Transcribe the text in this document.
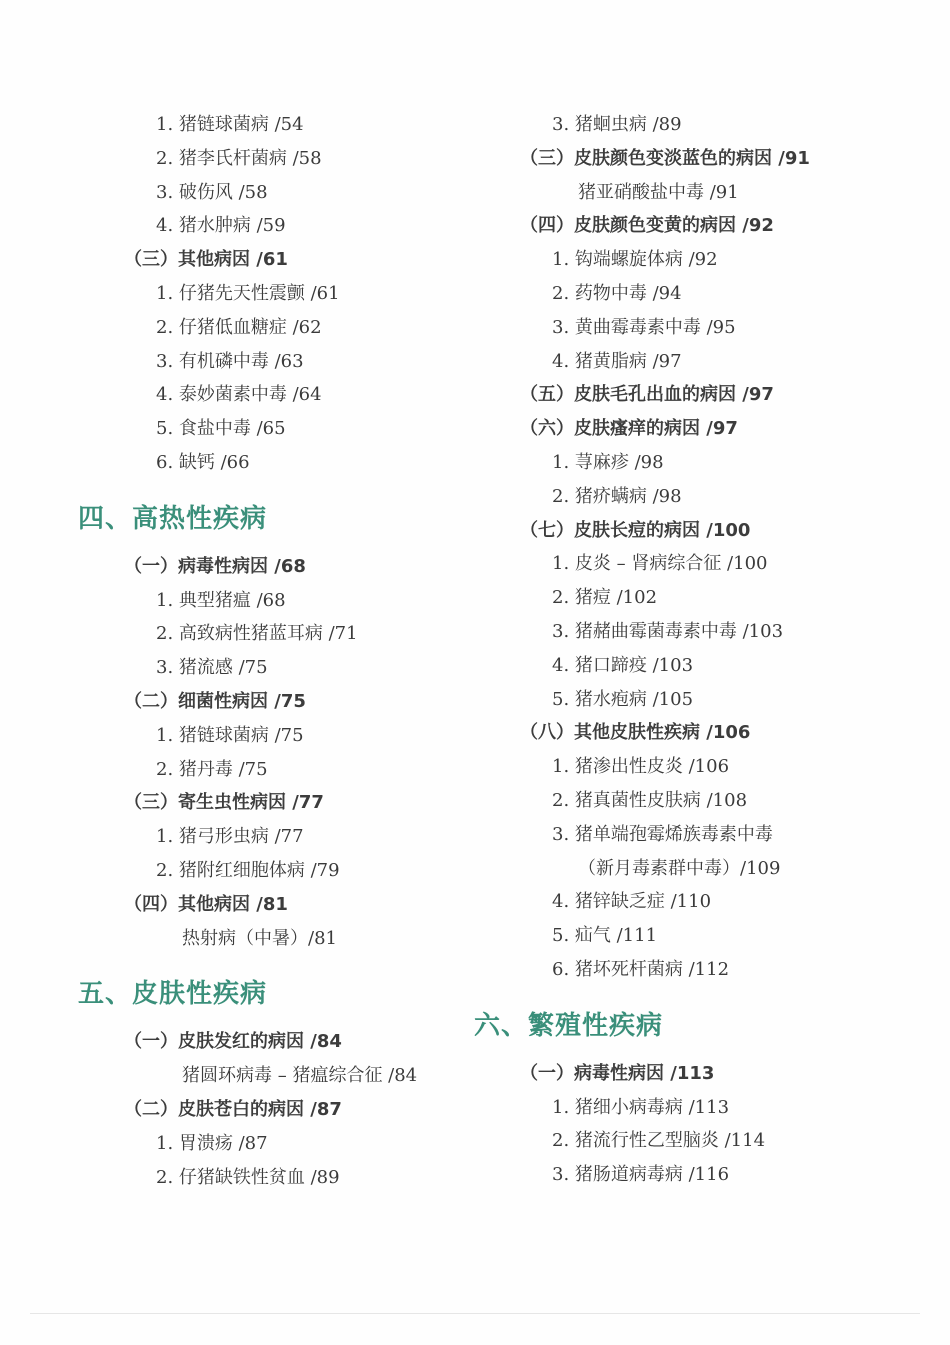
1. 猪链球菌病 /54
2. 猪李氏杆菌病 /58
3. 破伤风 /58
4. 猪水肿病 /59
（三）其他病因 /61
1. 仔猪先天性震颤 /61
2. 仔猪低血糖症 /62
3. 有机磷中毒 /63
4. 泰妙菌素中毒 /64
5. 食盐中毒 /65
6. 缺钙 /66
四、高热性疾病
（一）病毒性病因 /68
1. 典型猪瘟 /68
2. 高致病性猪蓝耳病 /71
3. 猪流感 /75
（二）细菌性病因 /75
1. 猪链球菌病 /75
2. 猪丹毒 /75
（三）寄生虫性病因 /77
1. 猪弓形虫病 /77
2. 猪附红细胞体病 /79
（四）其他病因 /81
热射病（中暑）/81
五、皮肤性疾病
（一）皮肤发红的病因 /84
猪圆环病毒 – 猪瘟综合征 /84
（二）皮肤苍白的病因 /87
1. 胃溃疡 /87
2. 仔猪缺铁性贫血 /89
3. 猪蛔虫病 /89
（三）皮肤颜色变淡蓝色的病因 /91
猪亚硝酸盐中毒 /91
（四）皮肤颜色变黄的病因 /92
1. 钩端螺旋体病 /92
2. 药物中毒 /94
3. 黄曲霉毒素中毒 /95
4. 猪黄脂病 /97
（五）皮肤毛孔出血的病因 /97
（六）皮肤瘙痒的病因 /97
1. 荨麻疹 /98
2. 猪疥螨病 /98
（七）皮肤长痘的病因 /100
1. 皮炎 – 肾病综合征 /100
2. 猪痘 /102
3. 猪赭曲霉菌毒素中毒 /103
4. 猪口蹄疫 /103
5. 猪水疱病 /105
（八）其他皮肤性疾病 /106
1. 猪渗出性皮炎 /106
2. 猪真菌性皮肤病 /108
3. 猪单端孢霉烯族毒素中毒
（新月毒素群中毒）/109
4. 猪锌缺乏症 /110
5. 疝气 /111
6. 猪坏死杆菌病 /112
六、繁殖性疾病
（一）病毒性病因 /113
1. 猪细小病毒病 /113
2. 猪流行性乙型脑炎 /114
3. 猪肠道病毒病 /116
